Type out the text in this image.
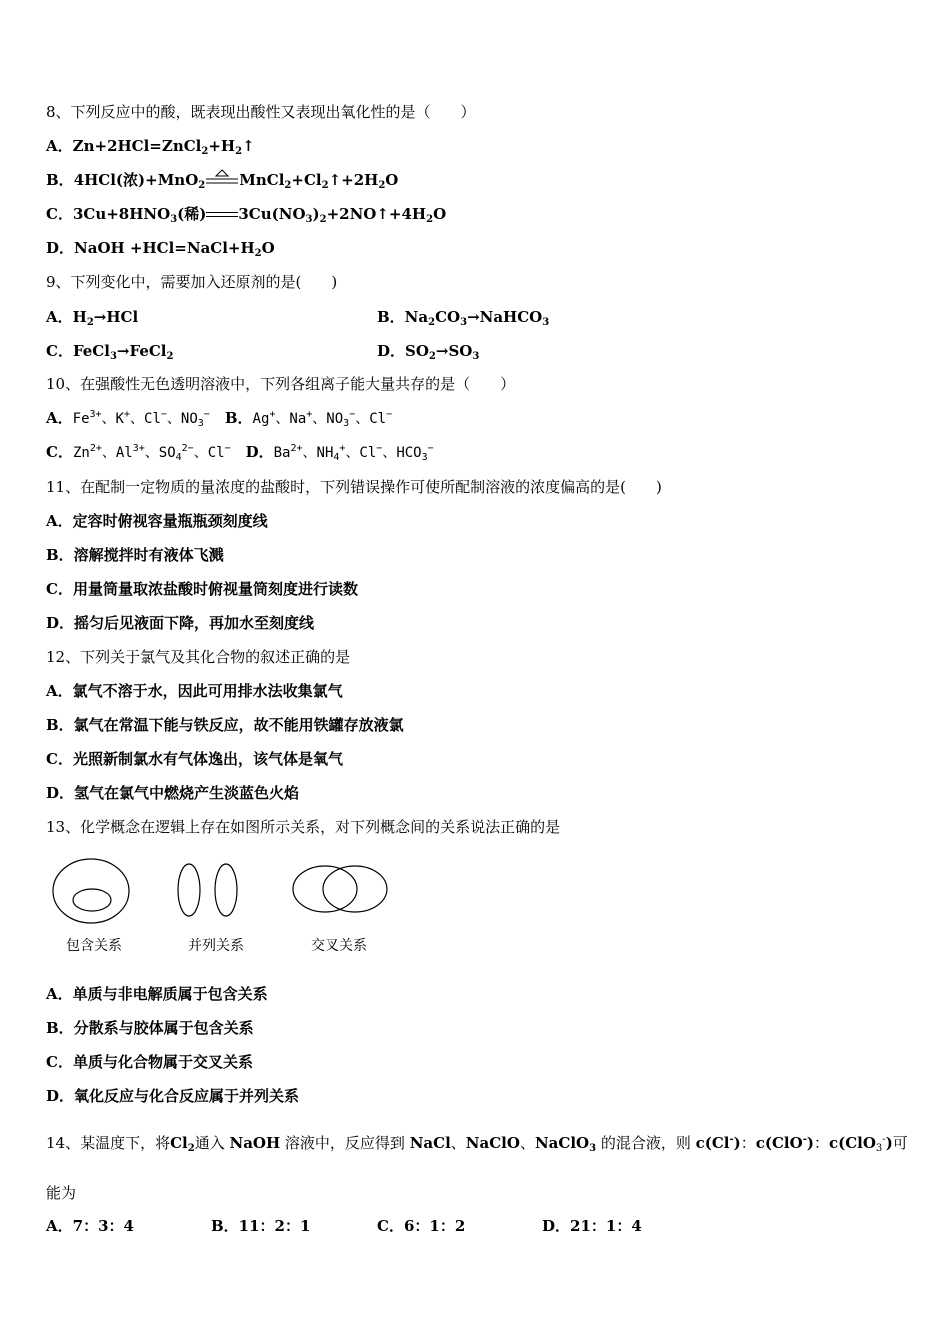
8、下列反应中的酸，既表现出酸性又表现出氧化性的是（　　）
A．$Zn+2HCl=ZnCl_2+H_2↑$
B．4HCl(浓)+MnO$_2$ $MnCl_2+Cl_2↑+2H_2O$
C．$3Cu+8HNO_3$(稀) $3Cu(NO_3)_2+2NO↑+4H_2O$
D．NaOH $+HCl=NaCl+H_2O$
9、下列变化中，需要加入还原剂的是(　　)
A．$H_2\to HCl$	B．$Na_2CO_3\to NaHCO_3$
C．FeCl$_3$→FeCl$_2$	D．$SO_2\to SO_3$
10、在强酸性无色透明溶液中，下列各组离子能大量共存的是（　　）
A．$Fe^{3+}$、K+、Cl−、$NO_3^-$　B．Ag+、Na+、$NO_3^-$、Cl−
C．$Zn^{2+}$、$Al^{3+}$、$SO_4^{2-}$、Cl−　D．$Ba^{2+}$、$NH_4^+$、Cl−、$HCO_3^-$
11、在配制一定物质的量浓度的盐酸时，下列错误操作可使所配制溶液的浓度偏高的是(　　)
A．定容时俯视容量瓶瓶颈刻度线
B．溶解搅拌时有液体飞溅
C．用量筒量取浓盐酸时俯视量筒刻度进行读数
D．摇匀后见液面下降，再加水至刻度线
12、下列关于氯气及其化合物的叙述正确的是
A．氯气不溶于水，因此可用排水法收集氯气
B．氯气在常温下能与铁反应，故不能用铁罐存放液氯
C．光照新制氯水有气体逸出，该气体是氧气
D．氢气在氯气中燃烧产生淡蓝色火焰
13、化学概念在逻辑上存在如图所示关系，对下列概念间的关系说法正确的是
包含关系	并列关系	交叉关系
A．单质与非电解质属于包含关系
B．分散系与胶体属于包含关系
C．单质与化合物属于交叉关系
D．氧化反应与化合反应属于并列关系
14、某温度下，将$Cl_2$通入 NaOH 溶液中，反应得到 NaCl、NaClO、NaClO$_3$ 的混合液，则 c(Cl-)：c(ClO-)：c(ClO$_3$-)可
能为
A．7：3：4	B．11：2：1	C．6：1：2	D．21：1：4
